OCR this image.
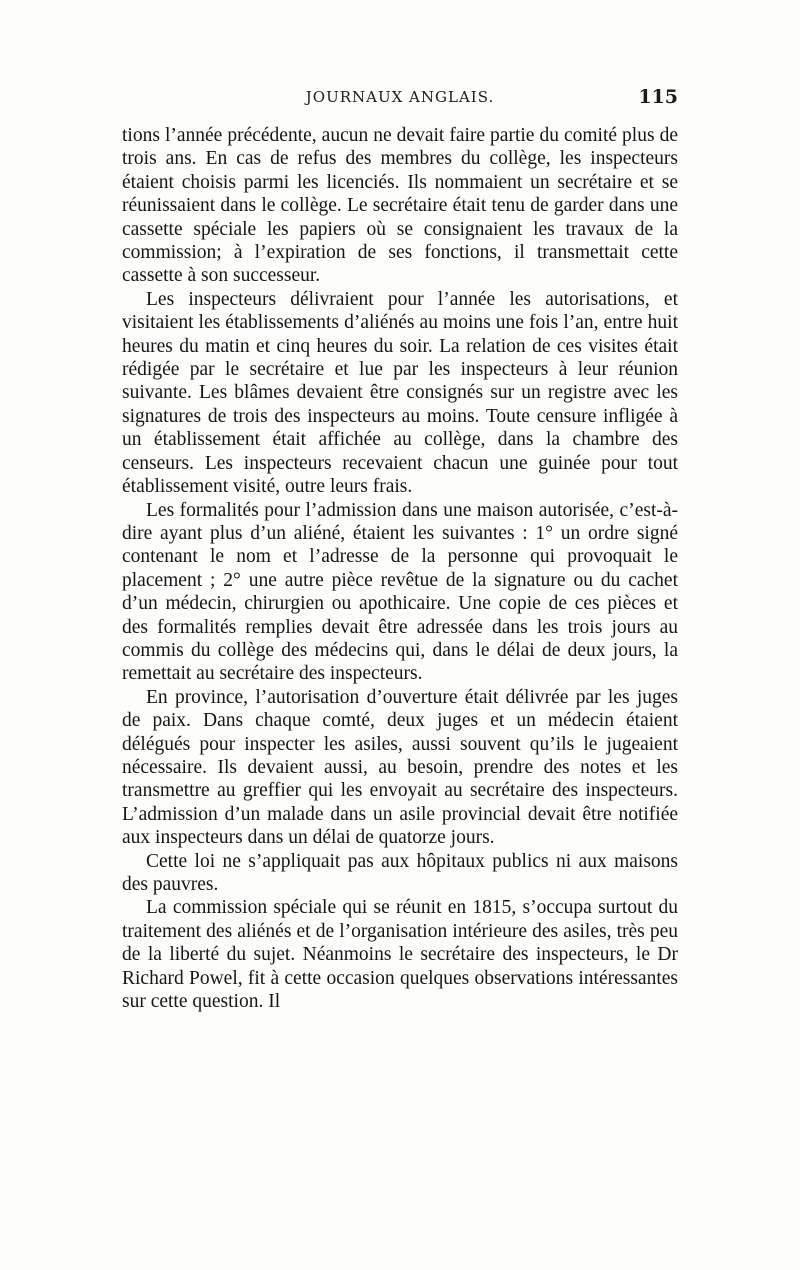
JOURNAUX ANGLAIS.	115

tions l’année précédente, aucun ne devait faire partie du comité plus de trois ans. En cas de refus des membres du collège, les inspecteurs étaient choisis parmi les licenciés. Ils nommaient un secrétaire et se réunissaient dans le collège. Le secrétaire était tenu de garder dans une cassette spéciale les papiers où se consignaient les travaux de la commission; à l’expiration de ses fonctions, il transmettait cette cassette à son successeur.

Les inspecteurs délivraient pour l’année les autorisations, et visitaient les établissements d’aliénés au moins une fois l’an, entre huit heures du matin et cinq heures du soir. La relation de ces visites était rédigée par le secrétaire et lue par les inspecteurs à leur réunion suivante. Les blâmes devaient être consignés sur un registre avec les signatures de trois des inspecteurs au moins. Toute censure infligée à un établissement était affichée au collège, dans la chambre des censeurs. Les inspecteurs recevaient chacun une guinée pour tout établissement visité, outre leurs frais.

Les formalités pour l’admission dans une maison autorisée, c’est-à-dire ayant plus d’un aliéné, étaient les suivantes : 1° un ordre signé contenant le nom et l’adresse de la personne qui provoquait le placement ; 2° une autre pièce revêtue de la signature ou du cachet d’un médecin, chirurgien ou apothicaire. Une copie de ces pièces et des formalités remplies devait être adressée dans les trois jours au commis du collège des médecins qui, dans le délai de deux jours, la remettait au secrétaire des inspecteurs.

En province, l’autorisation d’ouverture était délivrée par les juges de paix. Dans chaque comté, deux juges et un médecin étaient délégués pour inspecter les asiles, aussi souvent qu’ils le jugeaient nécessaire. Ils devaient aussi, au besoin, prendre des notes et les transmettre au greffier qui les envoyait au secrétaire des inspecteurs. L’admission d’un malade dans un asile provincial devait être notifiée aux inspecteurs dans un délai de quatorze jours.

Cette loi ne s’appliquait pas aux hôpitaux publics ni aux maisons des pauvres.

La commission spéciale qui se réunit en 1815, s’occupa surtout du traitement des aliénés et de l’organisation intérieure des asiles, très peu de la liberté du sujet. Néanmoins le secrétaire des inspecteurs, le Dr Richard Powel, fit à cette occasion quelques observations intéressantes sur cette question. Il
